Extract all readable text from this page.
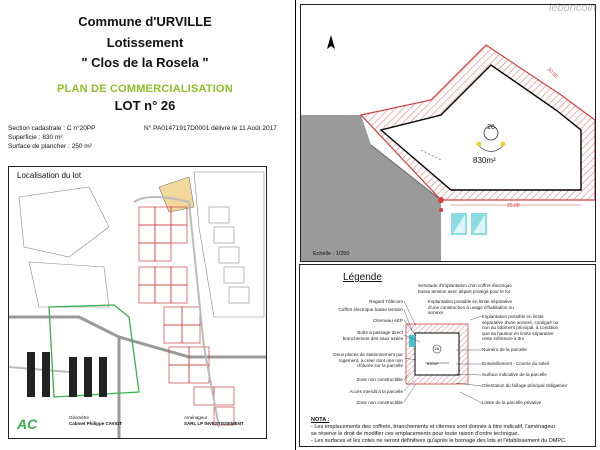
Commune d'URVILLE
Lotissement
" Clos de la Rosela "
PLAN DE COMMERCIALISATION
LOT n° 26
Section cadastrale : C n°20PP
Superficie : 830 m²
Surface de plancher : 250 m²
N° PA01471917D0001 délivré le 11 Août 2017
Localisation du lot
AC	Géomètre
Cabinet Philippe CAVIGT
Aménageur
SARL LP INVESTISSEMENT
leboncoin
26
830m²
25.00
30.00
Echelle : 1/250
Légende
26
830m²
Regard Télécom
Coffret électrique basse tension
Citerneau AEP
Boîte à passage direct branchement des eaux usées
Deux places de stationnement par logement, à créer dont une non clôturée sur la parcelle
Zone non constructible
Accès interdit à la parcelle
Zone non constructible
Servitude d'implantation d'un coffret électrique basse tension avec départ protégé pour le lot
Implantation possible en limite séparative d'une construction à usage d'habitation ou annexe
Implantation possible en limite séparative d'une annexe, contiguë ou non au bâtiment principal, à condition que sa hauteur en limite séparative reste inférieure à 3m
Numéro de la parcelle
Ensoleillement - Course du soleil
Surface indicative de la parcelle
Orientation du faîtage principal obligatoire
Limite de la parcelle privative
NOTA :
- Les emplacements des coffrets, branchements et citernes sont donnés à titre indicatif, l'aménageur
se réserve le droit de modifier ces emplacements pour toute raison d'ordre technique.
- Les surfaces et les cotes ne seront définitives qu'après le bornage des lots et l'établissement du DMPC.
